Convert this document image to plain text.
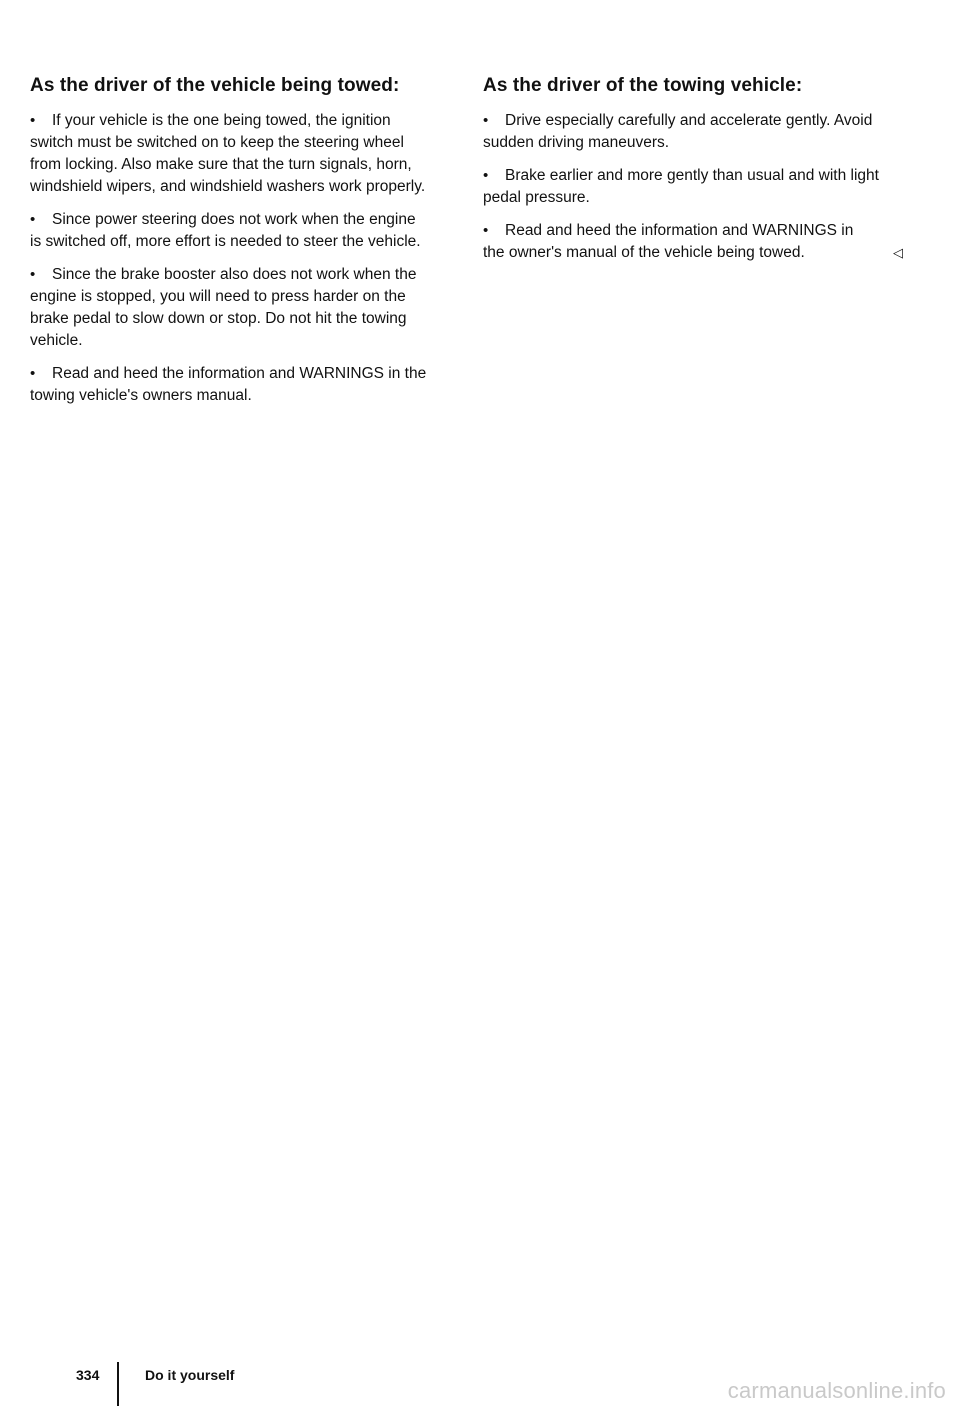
As the driver of the vehicle being towed:
• If your vehicle is the one being towed, the ignition switch must be switched on to keep the steering wheel from locking. Also make sure that the turn signals, horn, windshield wipers, and windshield washers work properly.
• Since power steering does not work when the engine is switched off, more effort is needed to steer the vehicle.
• Since the brake booster also does not work when the engine is stopped, you will need to press harder on the brake pedal to slow down or stop. Do not hit the towing vehicle.
• Read and heed the information and WARNINGS in the towing vehicle's owners manual.
As the driver of the towing vehicle:
• Drive especially carefully and accelerate gently. Avoid sudden driving maneuvers.
• Brake earlier and more gently than usual and with light pedal pressure.
• Read and heed the information and WARNINGS in the owner's manual of the vehicle being towed.	◁
334	Do it yourself
carmanualsonline.info
